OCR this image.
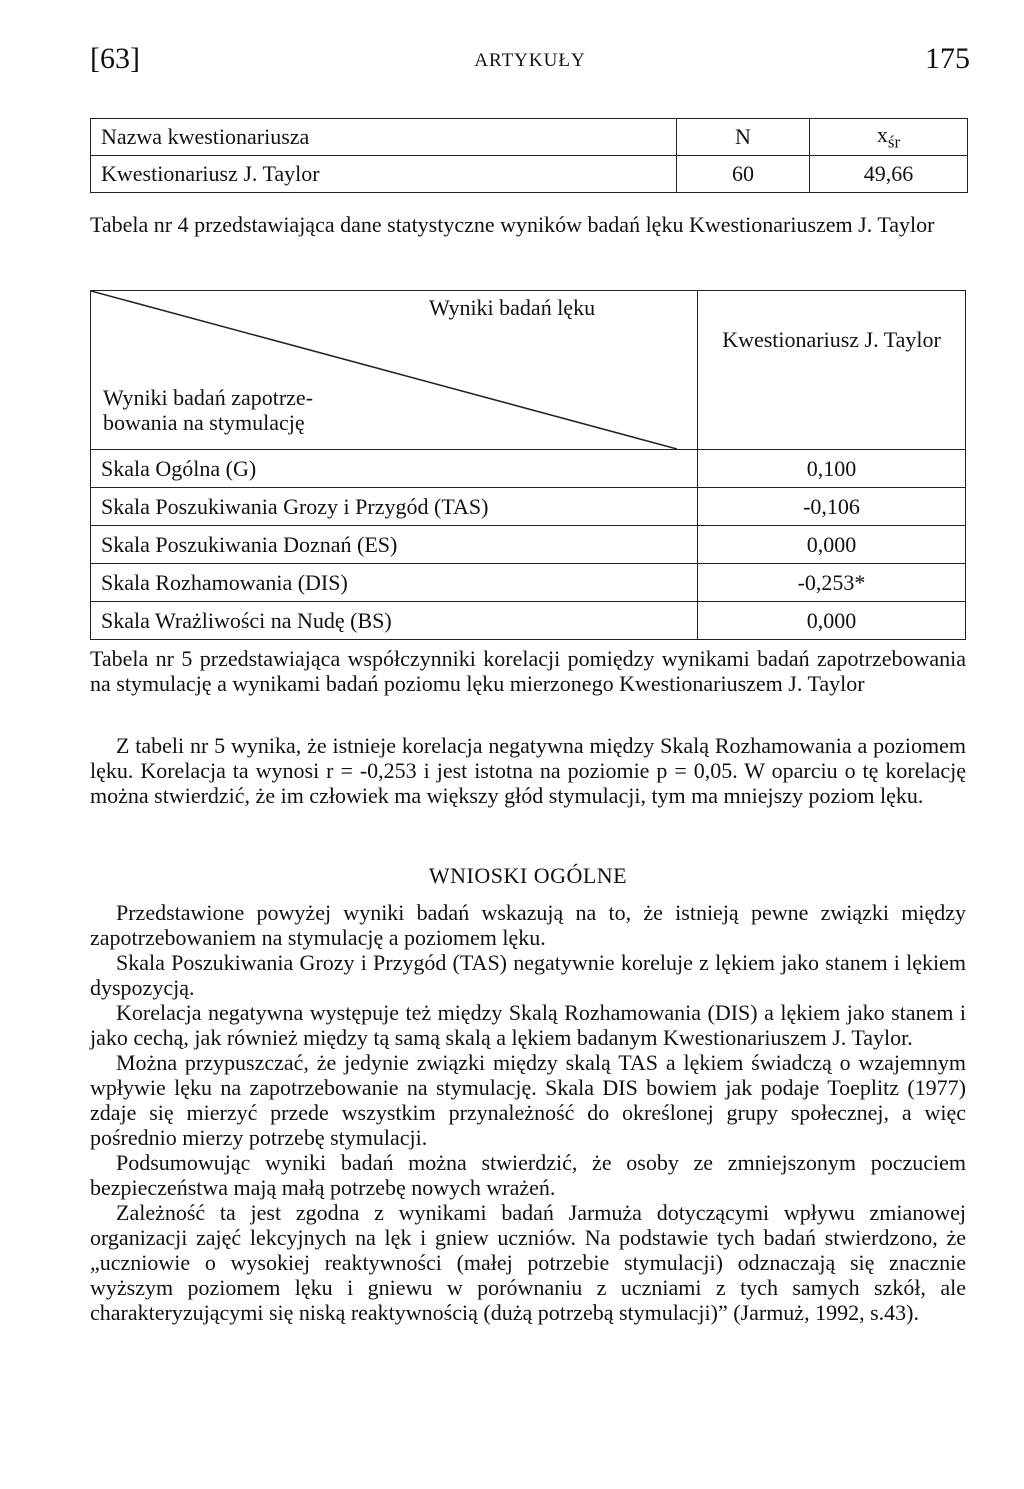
[63]	ARTYKUŁY	175
Nazwa kwestionariusza	N	$x_{śr}$
Kwestionariusz J. Taylor	60	49,66
Tabela nr 4 przedstawiająca dane statystyczne wyników badań lęku Kwestionariuszem J. Taylor
Wyniki badań lęku
Wyniki badań zapotrze-
bowania na stymulację	Kwestionariusz J. Taylor

Skala Ogólna (G)	0,100
Skala Poszukiwania Grozy i Przygód (TAS)	-0,106
Skala Poszukiwania Doznań (ES)	0,000
Skala Rozhamowania (DIS)	-0,253*
Skala Wrażliwości na Nudę (BS)	0,000
Tabela nr 5 przedstawiająca współczynniki korelacji pomiędzy wynikami badań zapotrzebowania na stymulację a wynikami badań poziomu lęku mierzonego Kwestionariuszem J. Taylor

Z tabeli nr 5 wynika, że istnieje korelacja negatywna między Skalą Rozhamowania a poziomem lęku. Korelacja ta wynosi r = -0,253 i jest istotna na poziomie p = 0,05. W oparciu o tę korelację można stwierdzić, że im człowiek ma większy głód stymulacji, tym ma mniejszy poziom lęku.

WNIOSKI OGÓLNE

Przedstawione powyżej wyniki badań wskazują na to, że istnieją pewne związki między zapotrzebowaniem na stymulację a poziomem lęku.

Skala Poszukiwania Grozy i Przygód (TAS) negatywnie koreluje z lękiem jako stanem i lękiem dyspozycją.

Korelacja negatywna występuje też między Skalą Rozhamowania (DIS) a lękiem jako stanem i jako cechą, jak również między tą samą skalą a lękiem badanym Kwestionariuszem J. Taylor.

Można przypuszczać, że jedynie związki między skalą TAS a lękiem świadczą o wzajemnym wpływie lęku na zapotrzebowanie na stymulację. Skala DIS bowiem jak podaje Toeplitz (1977) zdaje się mierzyć przede wszystkim przynależność do określonej grupy społecznej, a więc pośrednio mierzy potrzebę stymulacji.

Podsumowując wyniki badań można stwierdzić, że osoby ze zmniejszonym poczuciem bezpieczeństwa mają małą potrzebę nowych wrażeń.

Zależność ta jest zgodna z wynikami badań Jarmuża dotyczącymi wpływu zmianowej organizacji zajęć lekcyjnych na lęk i gniew uczniów. Na podstawie tych badań stwierdzono, że „uczniowie o wysokiej reaktywności (małej potrzebie stymulacji) odznaczają się znacznie wyższym poziomem lęku i gniewu w porównaniu z uczniami z tych samych szkół, ale charakteryzującymi się niską reaktywnością (dużą potrzebą stymulacji)” (Jarmuż, 1992, s.43).
